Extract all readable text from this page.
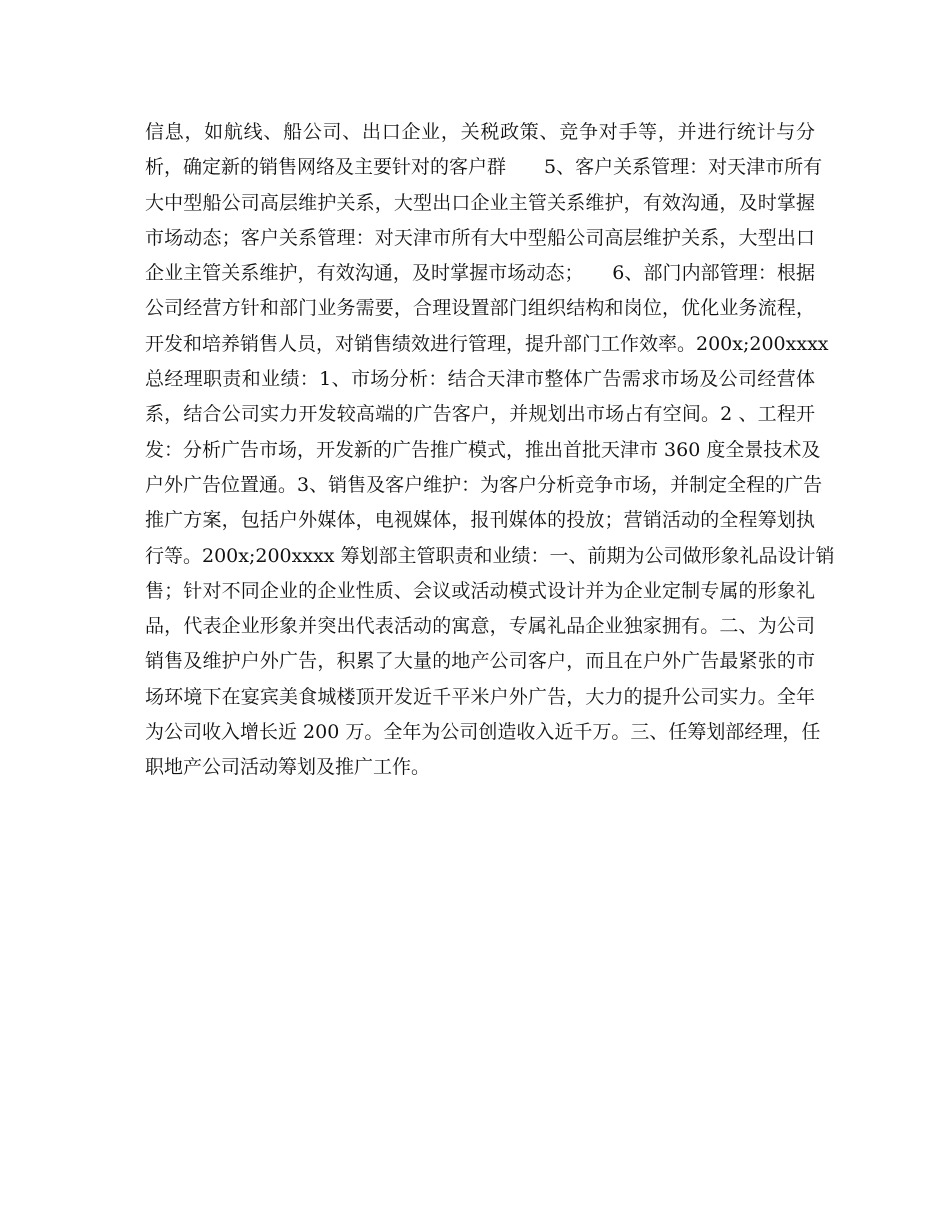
信息，如航线、船公司、出口企业，关税政策、竞争对手等，并进行统计与分
析，确定新的销售网络及主要针对的客户群　　5、客户关系管理：对天津市所有
大中型船公司高层维护关系，大型出口企业主管关系维护，有效沟通，及时掌握
市场动态；客户关系管理：对天津市所有大中型船公司高层维护关系，大型出口
企业主管关系维护，有效沟通，及时掌握市场动态；　　6、部门内部管理：根据
公司经营方针和部门业务需要，合理设置部门组织结构和岗位，优化业务流程，
开发和培养销售人员，对销售绩效进行管理，提升部门工作效率。200x;200xxxx
总经理职责和业绩：1、市场分析：结合天津市整体广告需求市场及公司经营体
系，结合公司实力开发较高端的广告客户，并规划出市场占有空间。2 、工程开
发：分析广告市场，开发新的广告推广模式，推出首批天津市 360 度全景技术及
户外广告位置通。3、销售及客户维护：为客户分析竞争市场，并制定全程的广告
推广方案，包括户外媒体，电视媒体，报刊媒体的投放；营销活动的全程筹划执
行等。200x;200xxxx 筹划部主管职责和业绩：一、前期为公司做形象礼品设计销
售；针对不同企业的企业性质、会议或活动模式设计并为企业定制专属的形象礼
品，代表企业形象并突出代表活动的寓意，专属礼品企业独家拥有。二、为公司
销售及维护户外广告，积累了大量的地产公司客户，而且在户外广告最紧张的市
场环境下在宴宾美食城楼顶开发近千平米户外广告，大力的提升公司实力。全年
为公司收入增长近 200 万。全年为公司创造收入近千万。三、任筹划部经理，任
职地产公司活动筹划及推广工作。
